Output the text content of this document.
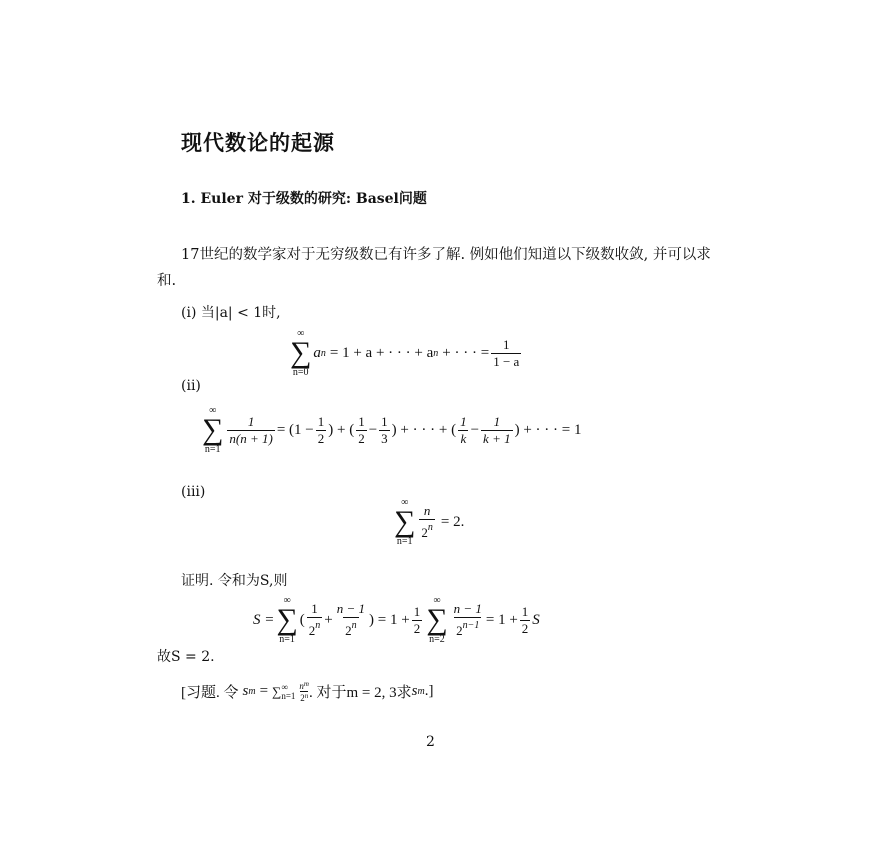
现代数论的起源
1. Euler 对于级数的研究: Basel问题
17世纪的数学家对于无穷级数已有许多了解. 例如他们知道以下级数收敛, 并可以求和.
(i) 当|a| < 1时,
∞
∑
n=0
a n = 1 + a + · · · + a n + · · · = $\frac{1}{1 - a}$
(ii)
∞
∑
n=1
$\frac{1}{n(n + 1)} = (1 - \frac{1}{2}$ ) + ( $\frac{1}{2} - \frac{1}{3}$ ) + · · · + ( $\frac{1}{k} - \frac{1}{k + 1}$ ) + · · · = 1
(iii)
∞
∑
n=1
$\frac{n}{2^n} = 2$.
证明. 令和为S,则
S =
∞
∑
n=1
( $\frac{1}{2^n} + \frac{n - 1}{2^n}$ ) = $1 + \frac{1}{2}$
∞
∑
n=2
$\frac{n - 1}{2^{n-1}} = 1 + \frac{1}{2}$ S
故S = 2.
[习题. 令 s m = ∑ ∞
$n=1 \frac{n^m}{2^n}$ . 对于m = 2, 3求 s m .]
2
